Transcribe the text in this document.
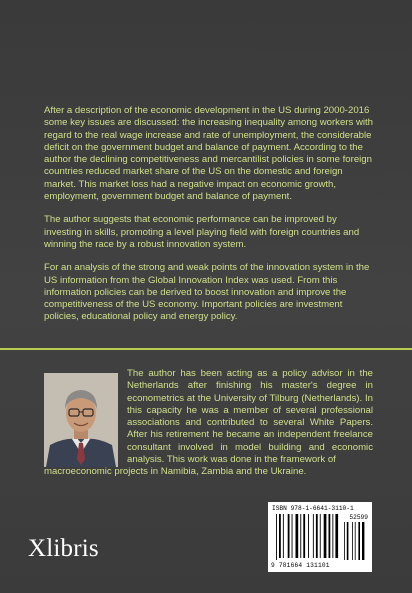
After a description of the economic development in the US during 2000-2016 some key issues are discussed: the increasing inequality among workers with regard to the real wage increase and rate of unemployment, the considerable deficit on the government budget and balance of payment. According to the author the declining competitiveness and mercantilist policies in some foreign countries reduced market share of the US on the domestic and foreign market. This market loss had a negative impact on economic growth, employment, government budget and balance of payment.

The author suggests that economic performance can be improved by investing in skills, promoting a level playing field with foreign countries and winning the race by a robust innovation system.

For an analysis of the strong and weak points of the innovation system in the US information from the Global Innovation Index was used. From this information policies can be derived to boost innovation and improve the competitiveness of the US economy. Important policies are investment policies, educational policy and energy policy.

The author has been acting as a policy advisor in the Netherlands after finishing his master's degree in econometrics at the University of Tilburg (Netherlands). In this capacity he was a member of several professional associations and contributed to several White Papers. After his retirement he became an independent freelance consultant involved in model building and economic analysis. This work was done in the framework of
macroeconomic projects in Namibia, Zambia and the Ukraine.
ISBN 978-1-6641-3110-1
52599
9 781664 131101
Xlibris
